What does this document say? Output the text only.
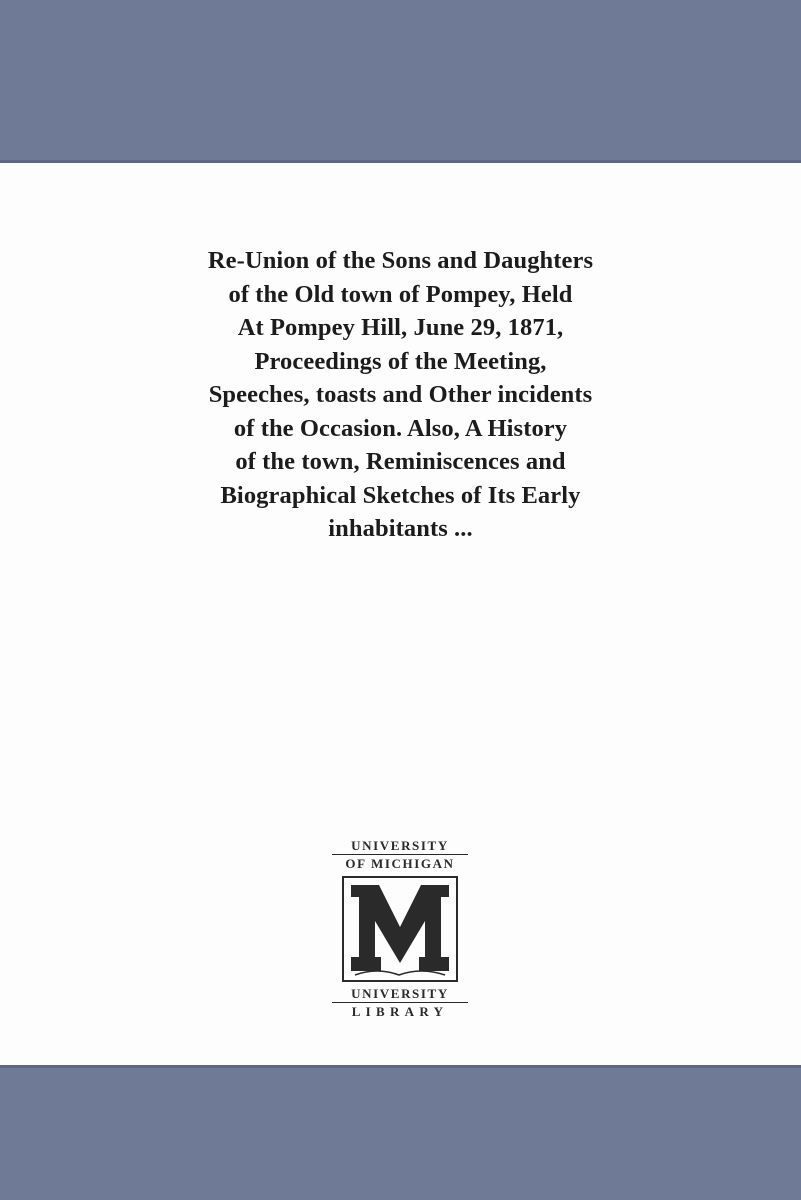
Re-Union of the Sons and Daughters
of the Old town of Pompey, Held
At Pompey Hill, June 29, 1871,
Proceedings of the Meeting,
Speeches, toasts and Other incidents
of the Occasion. Also, A History
of the town, Reminiscences and
Biographical Sketches of Its Early
inhabitants ...
UNIVERSITY
OF MICHIGAN
UNIVERSITY
LIBRARY
